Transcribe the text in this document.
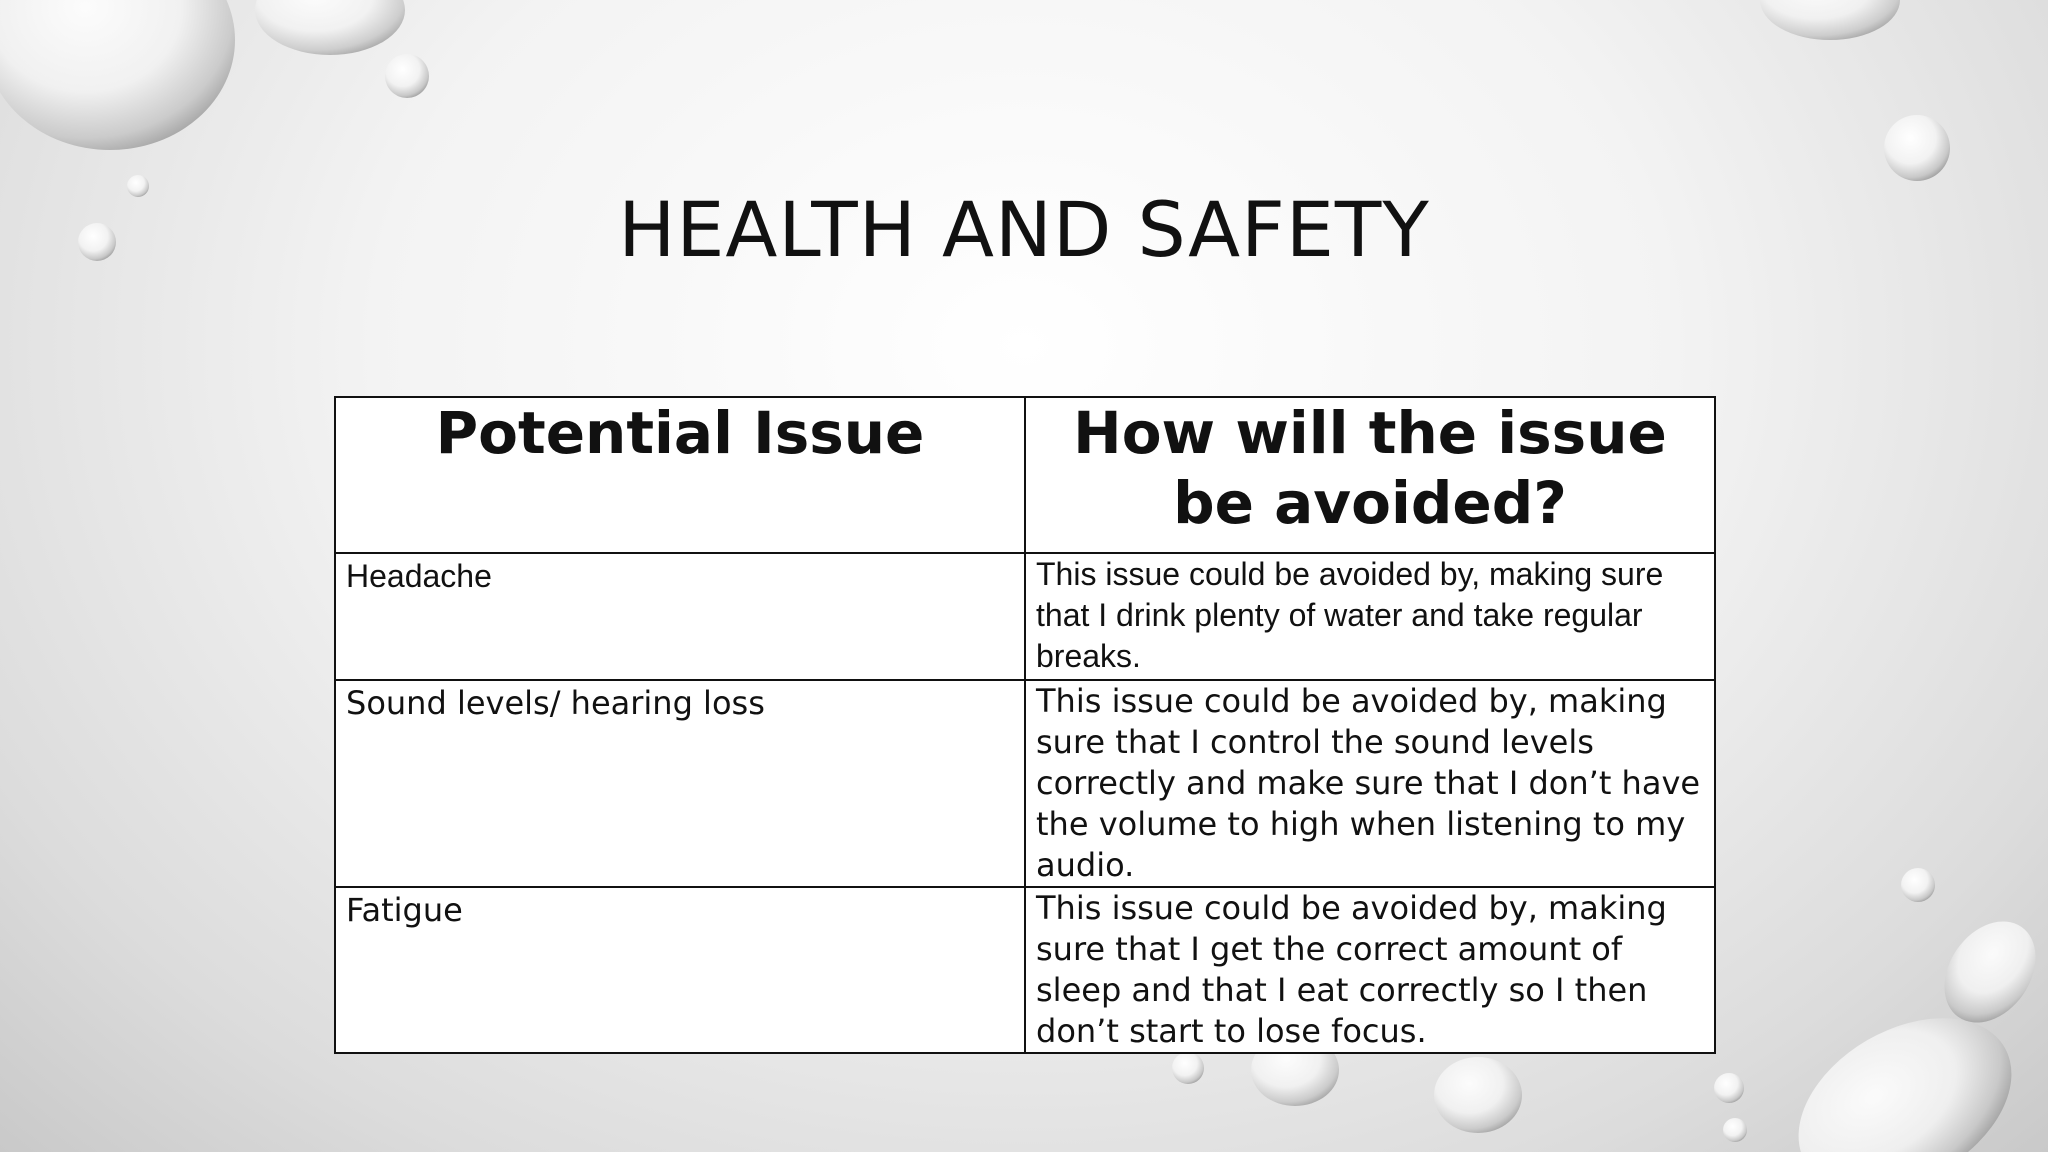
HEALTH AND SAFETY
Potential Issue	How will the issue be avoided?
Headache	This issue could be avoided by, making sure that I drink plenty of water and take regular breaks.
Sound levels/ hearing loss	This issue could be avoided by, making sure that I control the sound levels correctly and make sure that I don’t have the volume to high when listening to my audio.
Fatigue	This issue could be avoided by, making sure that I get the correct amount of sleep and that I eat correctly so I then don’t start to lose focus.
